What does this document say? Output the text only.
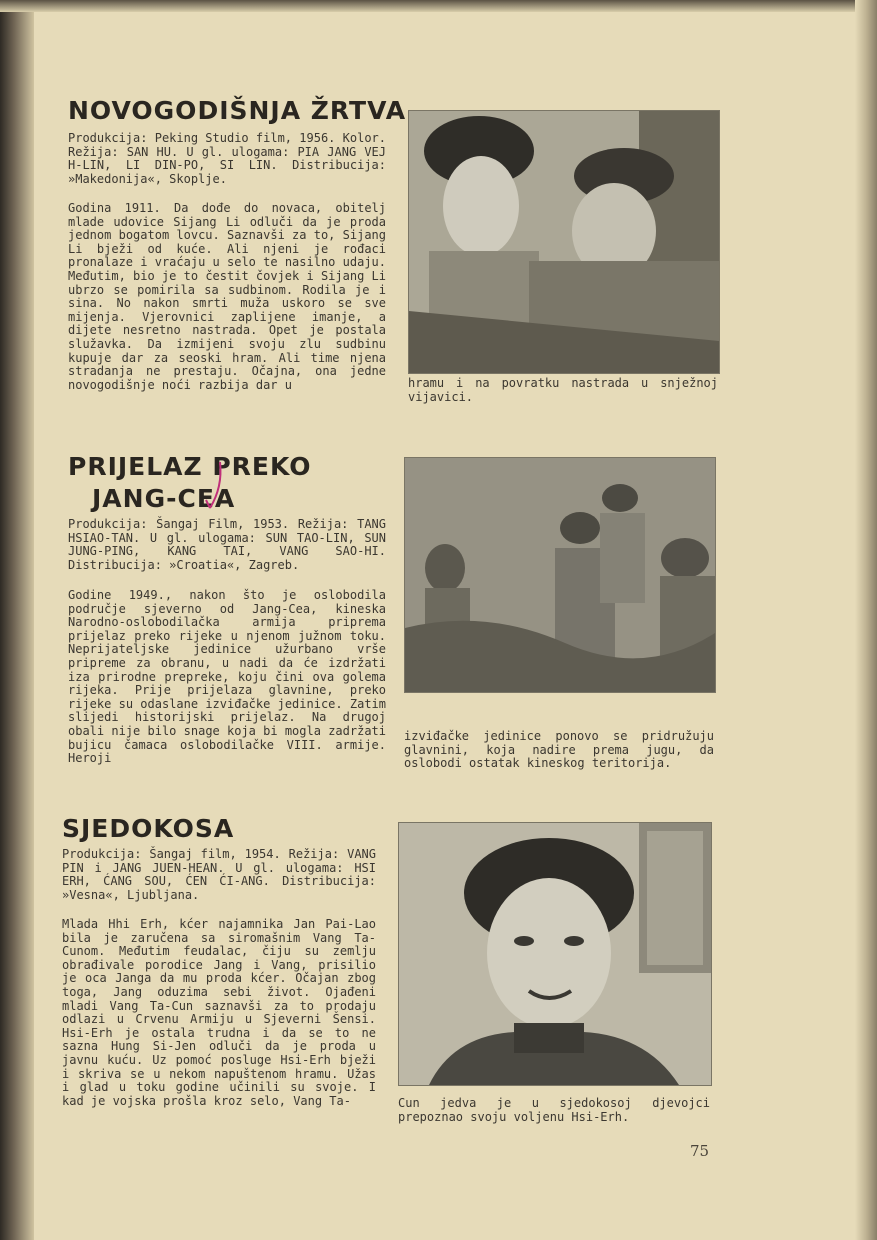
NOVOGODIŠNJA ŽRTVA

Produkcija: Peking Studio film, 1956. Kolor. Režija: SAN HU. U gl. ulogama: PIA JANG VEJ H-LIN, LI DIN-PO, SI LIN. Distribucija: »Makedonija«, Skoplje.

Godina 1911. Da dođe do novaca, obitelj mlade udovice Sijang Li odluči da je proda jednom bogatom lovcu. Saznavši za to, Sijang Li bježi od kuće. Ali njeni je rođaci pronalaze i vraćaju u selo te nasilno udaju. Međutim, bio je to čestit čovjek i Sijang Li ubrzo se pomirila sa sudbinom. Rodila je i sina. No nakon smrti muža uskoro se sve mijenja. Vjerovnici zaplijene imanje, a dijete nesretno nastrada. Opet je postala služavka. Da izmijeni svoju zlu sudbinu kupuje dar za seoski hram. Ali time njena stradanja ne prestaju. Očajna, ona jedne novogodišnje noći razbija dar u	hramu i na povratku nastrada u snježnoj vijavici.

PRIJELAZ PREKO
JANG-CEA

Produkcija: Šangaj Film, 1953. Režija: TANG HSIAO-TAN. U gl. ulogama: SUN TAO-LIN, SUN JUNG-PING, KANG TAI, VANG SAO-HI. Distribucija: »Croatia«, Zagreb.

Godine 1949., nakon što je oslobodila područje sjeverno od Jang-Cea, kineska Narodno-oslobodilačka armija priprema prijelaz preko rijeke u njenom južnom toku. Neprijateljske jedinice užurbano vrše pripreme za obranu, u nadi da će izdržati iza prirodne prepreke, koju čini ova golema rijeka. Prije prijelaza glavnine, preko rijeke su odaslane izviđačke jedinice. Zatim slijedi historijski prijelaz. Na drugoj obali nije bilo snage koja bi mogla zadržati bujicu čamaca oslobodilačke VIII. armije. Heroji

izviđačke jedinice ponovo se pridružuju glavnini, koja nadire prema jugu, da oslobodi ostatak kineskog teritorija.

SJEDOKOSA

Produkcija: Šangaj film, 1954. Režija: VANG PIN i JANG JUEN-HEAN. U gl. ulogama: HSI ERH, ĆANG SOU, ĆEN ĆI-ANG. Distribucija: »Vesna«, Ljubljana.

Mlada Hhi Erh, kćer najamnika Jan Pai-Lao bila je zaručena sa siromašnim Vang Ta-Cunom. Međutim feudalac, čiju su zemlju obrađivale porodice Jang i Vang, prisilio je oca Janga da mu proda kćer. Očajan zbog toga, Jang oduzima sebi život. Ojađeni mladi Vang Ta-Cun saznavši za to prodaju odlazi u Crvenu Armiju u Sjeverni Šensi. Hsi-Erh je ostala trudna i da se to ne sazna Hung Si-Jen odluči da je proda u javnu kuću. Uz pomoć posluge Hsi-Erh bježi i skriva se u nekom napuštenom hramu. Užas i glad u toku godine učinili su svoje. I kad je vojska prošla kroz selo, Vang Ta-	Cun jedva je u sjedokosoj djevojci prepoznao svoju voljenu Hsi-Erh.

75
